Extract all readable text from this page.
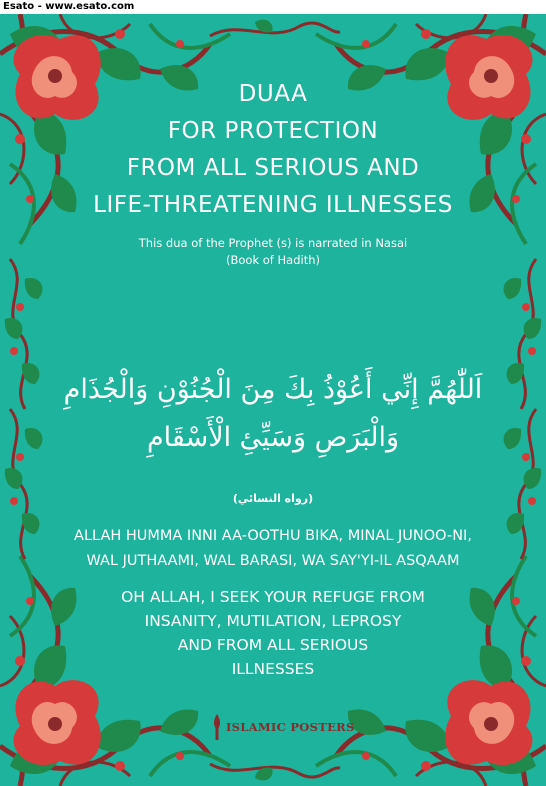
Esato - www.esato.com
DUAA
FOR PROTECTION
FROM ALL SERIOUS AND
LIFE-THREATENING ILLNESSES
This dua of the Prophet (s) is narrated in Nasai
(Book of Hadith)
اَللّٰهُمَّ إِنِّي أَعُوْذُ بِكَ مِنَ الْجُنُوْنِ وَالْجُذَامِ
وَالْبَرَصِ وَسَيِّئِ الْأَسْقَامِ
(رواه النسائي)
ALLAH HUMMA INNI AA-OOTHU BIKA, MINAL JUNOO-NI,
WAL JUTHAAMI, WAL BARASI, WA SAY'YI-IL ASQAAM
OH ALLAH, I SEEK YOUR REFUGE FROM
INSANITY, MUTILATION, LEPROSY
AND FROM ALL SERIOUS
ILLNESSES
ISLAMIC POSTERS
